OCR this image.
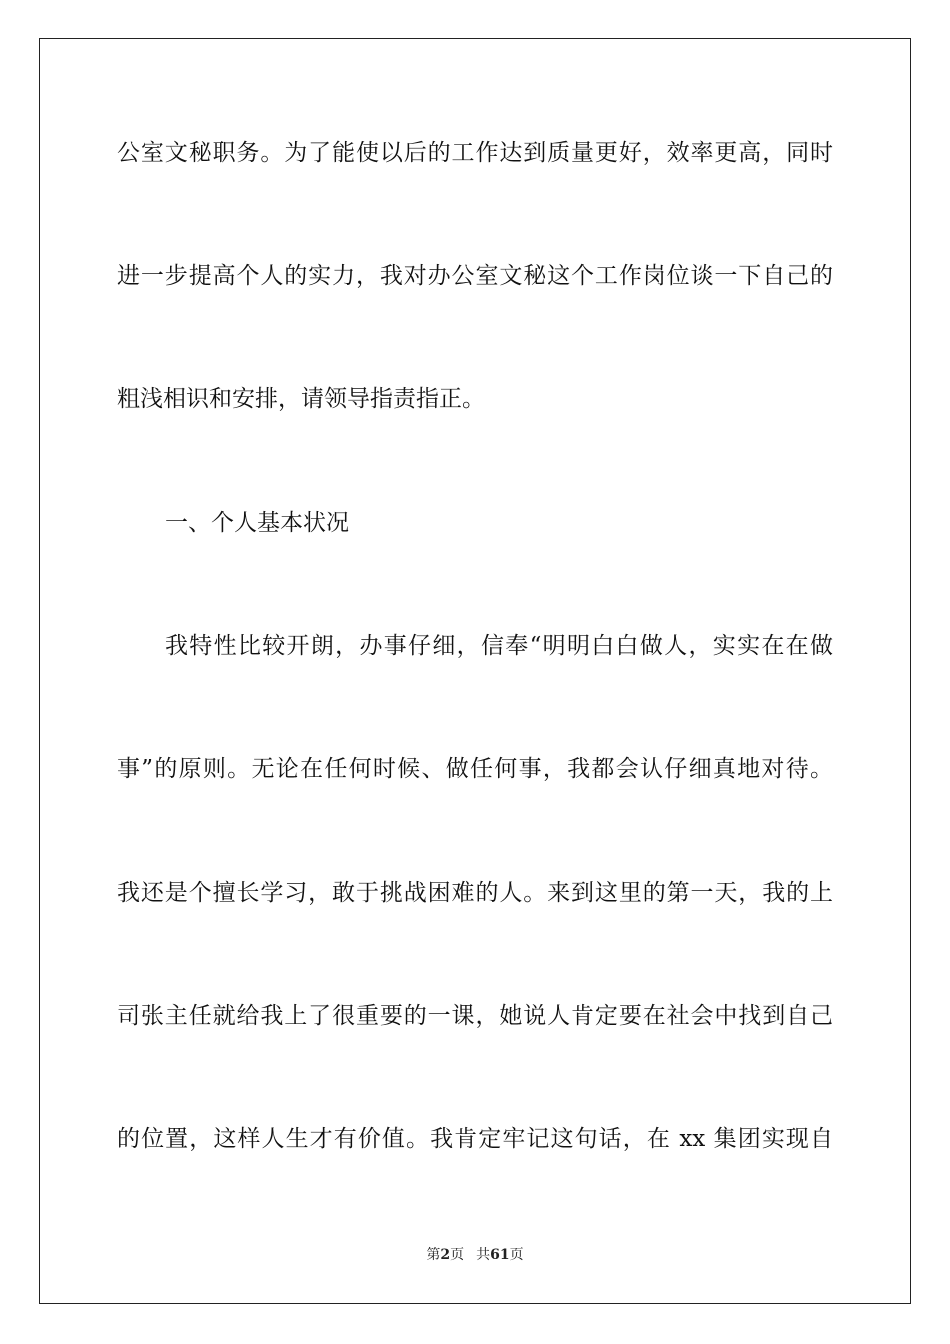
公室文秘职务。为了能使以后的工作达到质量更好，效率更高，同时
进一步提高个人的实力，我对办公室文秘这个工作岗位谈一下自己的
粗浅相识和安排，请领导指责指正。
一、个人基本状况
我特性比较开朗，办事仔细，信奉“明明白白做人，实实在在做
事”的原则。无论在任何时候、做任何事，我都会认仔细真地对待。
我还是个擅长学习，敢于挑战困难的人。来到这里的第一天，我的上
司张主任就给我上了很重要的一课，她说人肯定要在社会中找到自己
的位置，这样人生才有价值。我肯定牢记这句话，在 xx 集团实现自
第2页 共61页
